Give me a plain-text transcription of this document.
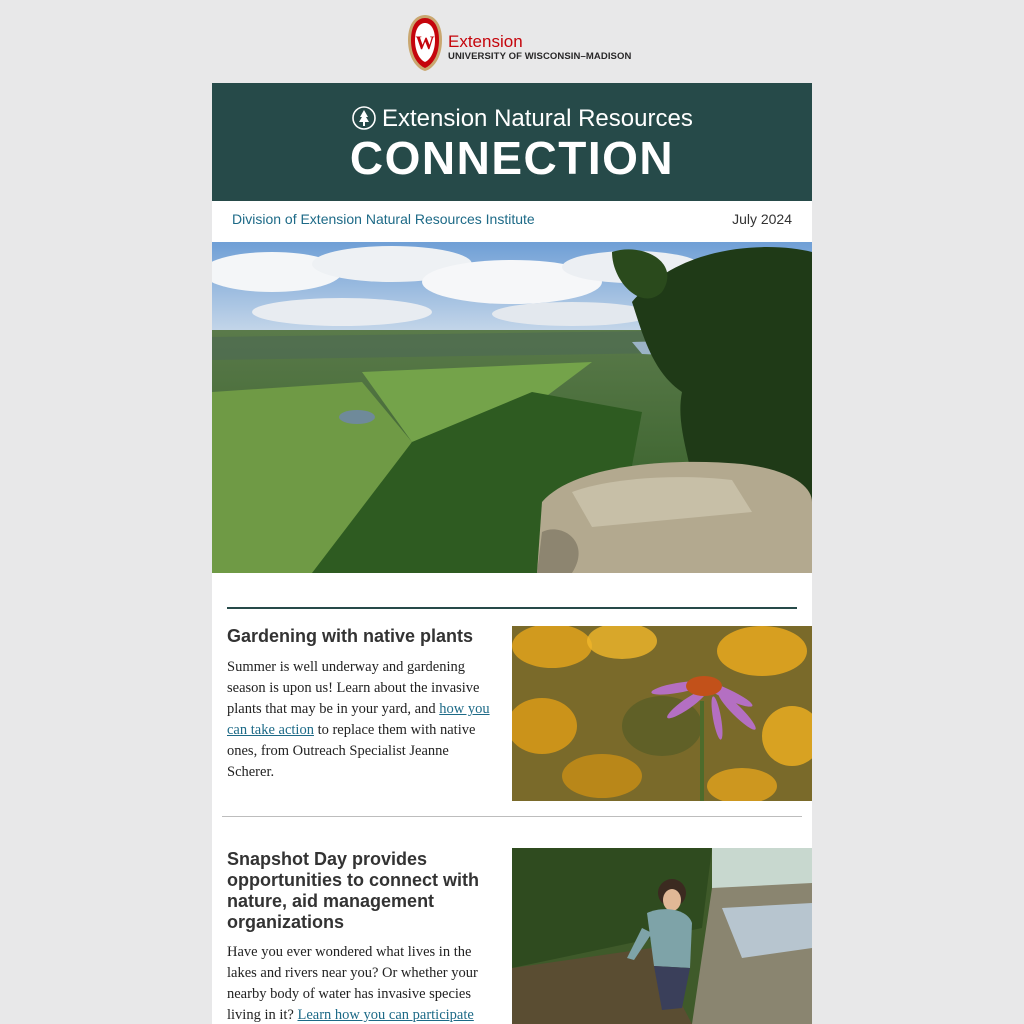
W Extension
UNIVERSITY OF WISCONSIN–MADISON
Extension Natural Resources
CONNECTION
Division of Extension Natural Resources Institute	July 2024
Gardening with native plants

Summer is well underway and gardening season is upon us! Learn about the invasive plants that may be in your yard, and how you can take action to replace them with native ones, from Outreach Specialist Jeanne Scherer.

Snapshot Day provides opportunities to connect with nature, aid management organizations

Have you ever wondered what lives in the lakes and rivers near you? Or whether your nearby body of water has invasive species living in it? Learn how you can participate
